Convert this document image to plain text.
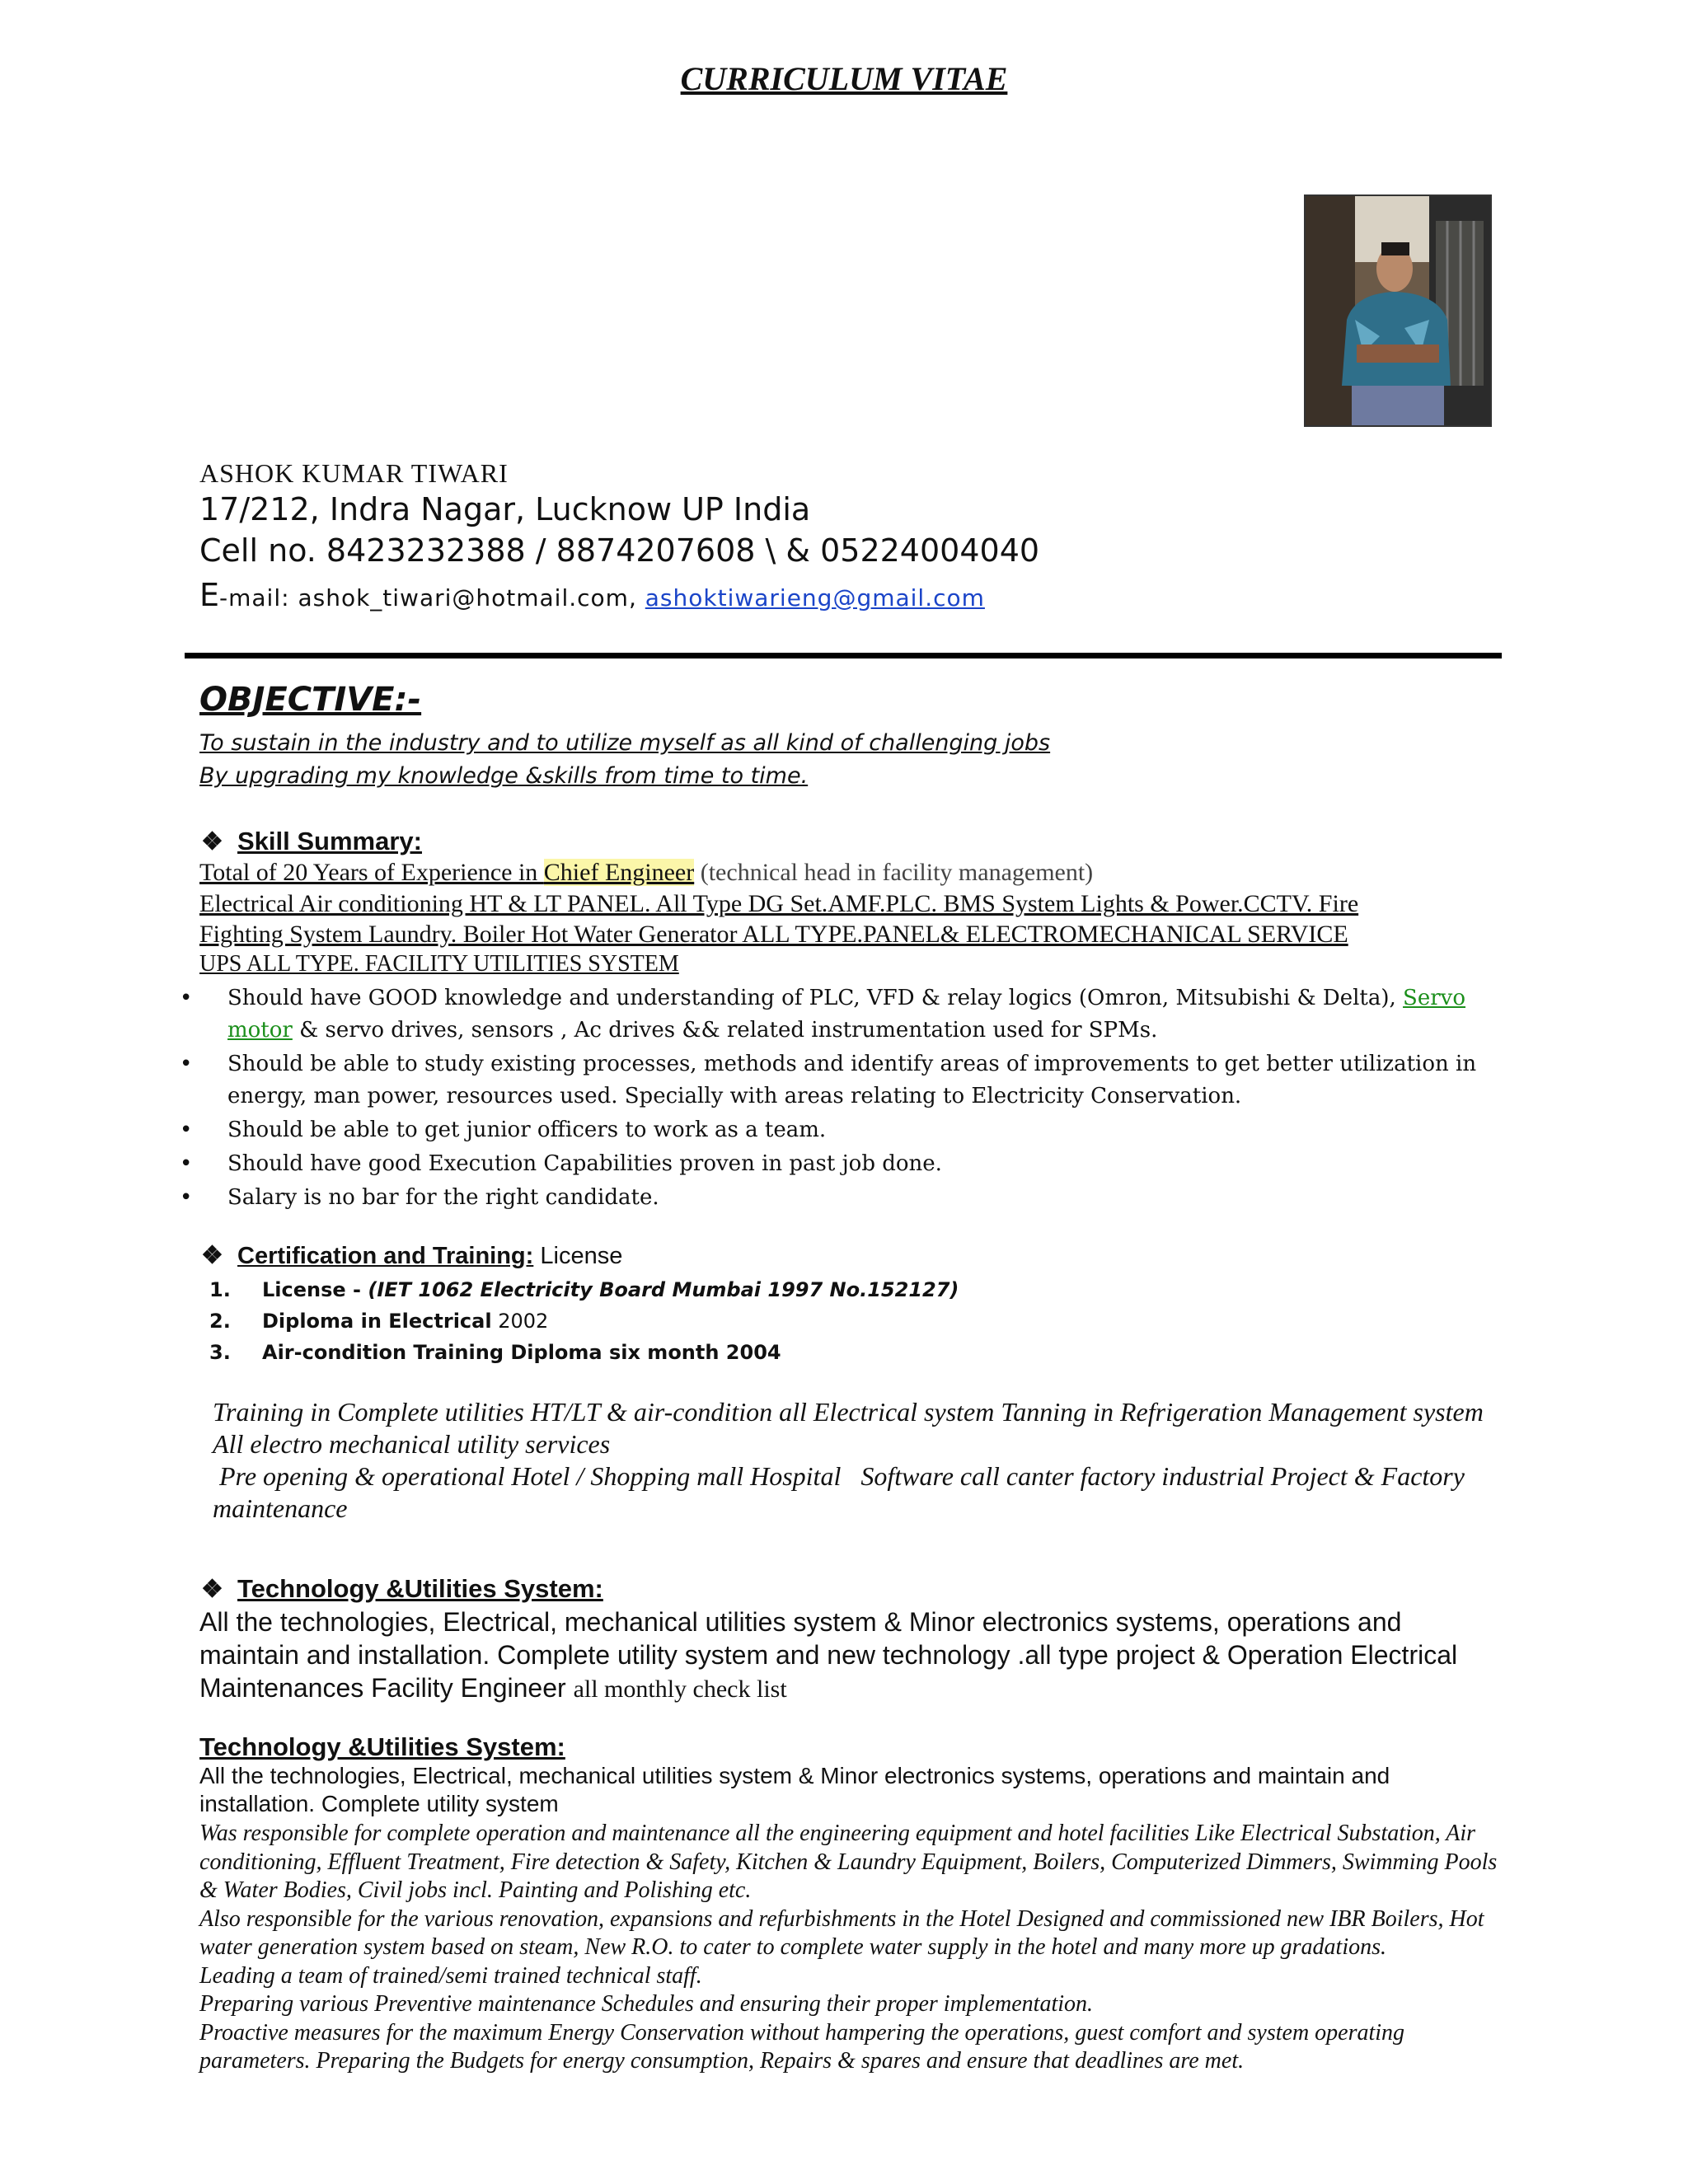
CURRICULUM VITAE
ASHOK KUMAR TIWARI
17/212, Indra Nagar, Lucknow UP India
Cell no. 8423232388 / 8874207608 \ & 05224004040
E-mail: ashok_tiwari@hotmail.com, ashoktiwarieng@gmail.com
OBJECTIVE:-
To sustain in the industry and to utilize myself as all kind of challenging jobs
By upgrading my knowledge &skills from time to time.
❖ Skill Summary:
Total of 20 Years of Experience in Chief Engineer (technical head in facility management)
Electrical Air conditioning HT & LT PANEL. All Type DG Set.AMF.PLC. BMS System Lights & Power.CCTV. Fire
Fighting System Laundry. Boiler Hot Water Generator ALL TYPE.PANEL& ELECTROMECHANICAL SERVICE
UPS ALL TYPE. FACILITY UTILITIES SYSTEM
• Should have GOOD knowledge and understanding of PLC, VFD & relay logics (Omron, Mitsubishi & Delta), Servo
motor & servo drives, sensors , Ac drives && related instrumentation used for SPMs.
• Should be able to study existing processes, methods and identify areas of improvements to get better utilization in energy, man power, resources used. Specially with areas relating to Electricity Conservation.
• Should be able to get junior officers to work as a team.
• Should have good Execution Capabilities proven in past job done.
• Salary is no bar for the right candidate.
❖ Certification and Training: License
1. License - (IET 1062 Electricity Board Mumbai 1997 No.152127)
2. Diploma in Electrical 2002
3. Air-condition Training Diploma six month 2004
Training in Complete utilities HT/LT & air-condition all Electrical system Tanning in Refrigeration Management system All electro mechanical utility services
Pre opening & operational Hotel / Shopping mall Hospital   Software call canter factory industrial Project & Factory maintenance
❖ Technology &Utilities System:
All the technologies, Electrical, mechanical utilities system & Minor electronics systems, operations and maintain and installation. Complete utility system and new technology .all type project & Operation Electrical Maintenances Facility Engineer all monthly check list
Technology &Utilities System:
All the technologies, Electrical, mechanical utilities system & Minor electronics systems, operations and maintain and installation. Complete utility system

Was responsible for complete operation and maintenance all the engineering equipment and hotel facilities Like Electrical Substation, Air conditioning, Effluent Treatment, Fire detection & Safety, Kitchen & Laundry Equipment, Boilers, Computerized Dimmers, Swimming Pools & Water Bodies, Civil jobs incl. Painting and Polishing etc.

Also responsible for the various renovation, expansions and refurbishments in the Hotel Designed and commissioned new IBR Boilers, Hot water generation system based on steam, New R.O. to cater to complete water supply in the hotel and many more up gradations.

Leading a team of trained/semi trained technical staff.

Preparing various Preventive maintenance Schedules and ensuring their proper implementation.

Proactive measures for the maximum Energy Conservation without hampering the operations, guest comfort and system operating parameters. Preparing the Budgets for energy consumption, Repairs & spares and ensure that deadlines are met.
